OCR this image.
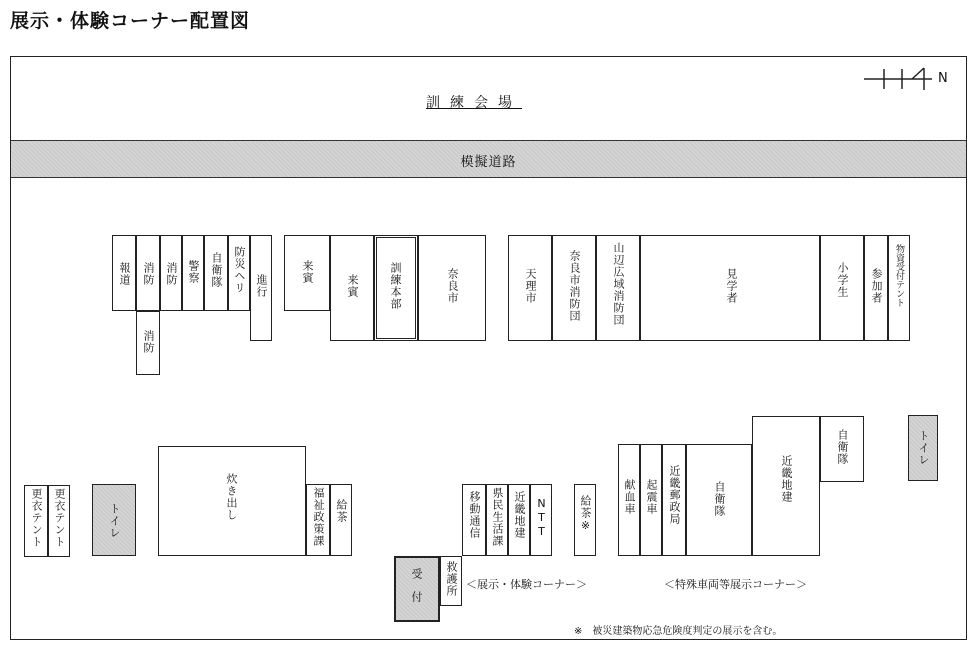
展示・体験コーナー配置図
N
訓練会場
模擬道路
報道 消防 消防 警察 自衛隊 防災ヘリ 進行
消防
来賓
来賓	訓練本部	奈良市	天理市	奈良市消防団	山辺広域消防団	見学者	小学生 参加者 物資受付テント
更衣テント 更衣テント	トイレ	炊き出し	福祉政策課 給茶	移動通信 県民生活課 近畿地建 NTT	給茶※
受付 救護所 ＜展示・体験コーナー＞
献血車 起震車 近畿郵政局	自衛隊	近畿地建
自衛隊
＜特殊車両等展示コーナー＞
トイレ
※　被災建築物応急危険度判定の展示を含む。
